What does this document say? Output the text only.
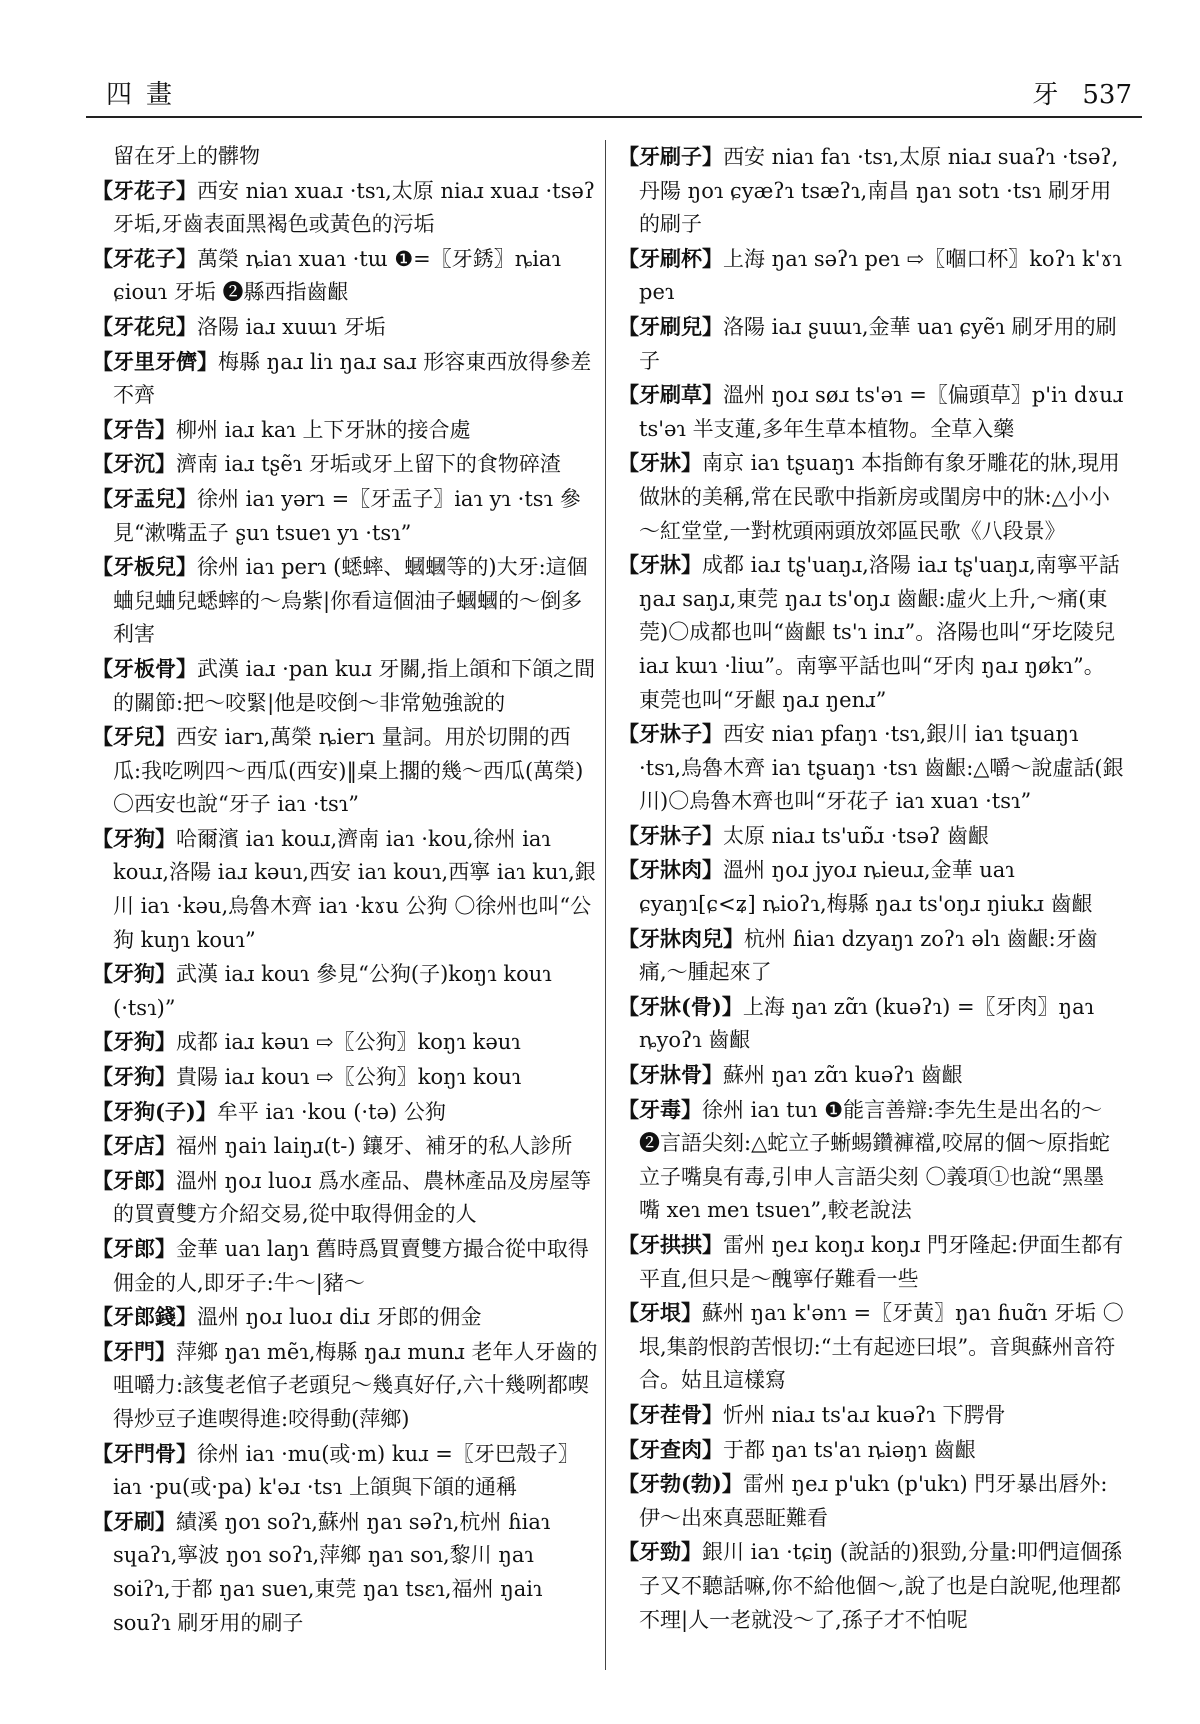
四畫	牙 537

留在牙上的髒物

【牙花子】西安 niaɿ xuaɹ ·tsɿ,太原 niaɹ xuaɹ ·tsəʔ 牙垢,牙齒表面黑褐色或黃色的污垢

【牙花子】萬榮 ȵiaɿ xuaɿ ·tɯ ❶=〖牙銹〗ȵiaɿ ɕiouɿ 牙垢 ❷縣西指齒齦

【牙花兒】洛陽 iaɹ xuɯɿ 牙垢

【牙里牙儕】梅縣 ŋaɹ liɿ ŋaɹ saɹ 形容東西放得參差不齊

【牙告】柳州 iaɹ kaɿ 上下牙牀的接合處

【牙沉】濟南 iaɹ tʂẽɿ 牙垢或牙上留下的食物碎渣

【牙盂兒】徐州 iaɿ yərɿ =〖牙盂子〗iaɿ yɿ ·tsɿ 參見“漱嘴盂子 ʂuɿ tsueɿ yɿ ·tsɿ”

【牙板兒】徐州 iaɿ perɿ (蟋蟀、蟈蟈等的)大牙:這個蛐兒蛐兒蟋蟀的～烏紫|你看這個油子蟈蟈的～倒多利害

【牙板骨】武漢 iaɹ ·pan kuɹ 牙關,指上頜和下頜之間的關節:把～咬緊|他是咬倒～非常勉強說的

【牙兒】西安 iarɿ,萬榮 ȵierɿ 量詞。用於切開的西瓜:我吃咧四～西瓜(西安)‖桌上擱的幾～西瓜(萬榮)〇西安也說“牙子 iaɿ ·tsɿ”

【牙狗】哈爾濱 iaɿ kouɹ,濟南 iaɿ ·kou,徐州 iaɿ kouɹ,洛陽 iaɹ kəuɿ,西安 iaɿ kouɿ,西寧 iaɿ kuɿ,銀川 iaɿ ·kəu,烏魯木齊 iaɿ ·kɤu 公狗 〇徐州也叫“公狗 kuŋɿ kouɿ”

【牙狗】武漢 iaɹ kouɿ 參見“公狗(子)koŋɿ kouɿ (·tsɿ)”

【牙狗】成都 iaɹ kəuɿ ⇨〖公狗〗koŋɿ kəuɿ

【牙狗】貴陽 iaɹ kouɿ ⇨〖公狗〗koŋɿ kouɿ

【牙狗(子)】牟平 iaɿ ·kou (·tə) 公狗

【牙店】福州 ŋaiɿ laiŋɹ(t-) 鑲牙、補牙的私人診所

【牙郎】溫州 ŋoɹ luoɹ 爲水產品、農林產品及房屋等的買賣雙方介紹交易,從中取得佣金的人

【牙郎】金華 uaɿ laŋɿ 舊時爲買賣雙方撮合從中取得佣金的人,即牙子:牛～|豬～

【牙郎錢】溫州 ŋoɹ luoɹ diɹ 牙郎的佣金

【牙門】萍鄉 ŋaɿ mẽɿ,梅縣 ŋaɹ munɹ 老年人牙齒的咀嚼力:該隻老倌子老頭兒～幾真好仔,六十幾咧都喫得炒豆子進喫得進:咬得動(萍鄉)

【牙門骨】徐州 iaɿ ·mu(或·m) kuɹ =〖牙巴殼子〗iaɿ ·pu(或·pa) k'əɹ ·tsɿ 上頜與下頜的通稱

【牙刷】績溪 ŋoɿ soʔɿ,蘇州 ŋaɿ səʔɿ,杭州 ɦiaɿ sɥaʔɿ,寧波 ŋoɿ soʔɿ,萍鄉 ŋaɿ soɿ,黎川 ŋaɿ soiʔɿ,于都 ŋaɿ sueɿ,東莞 ŋaɿ tsɛɿ,福州 ŋaiɿ souʔɿ 刷牙用的刷子

【牙刷子】西安 niaɿ faɿ ·tsɿ,太原 niaɹ suaʔɿ ·tsəʔ,丹陽 ŋoɿ ɕyæʔɿ tsæʔɿ,南昌 ŋaɿ sotɿ ·tsɿ 刷牙用的刷子

【牙刷杯】上海 ŋaɿ səʔɿ peɿ ⇨〖嗰口杯〗koʔɿ k'ɤɿ peɿ

【牙刷兒】洛陽 iaɹ ʂuɯɿ,金華 uaɿ ɕyẽɿ 刷牙用的刷子

【牙刷草】溫州 ŋoɹ søɹ ts'əɿ =〖偏頭草〗p'iɿ dɤuɹ ts'əɿ 半支蓮,多年生草本植物。全草入藥

【牙牀】南京 iaɿ tʂuaŋɿ 本指飾有象牙雕花的牀,現用做牀的美稱,常在民歌中指新房或閨房中的牀:△小小～紅堂堂,一對枕頭兩頭放郊區民歌《八段景》

【牙牀】成都 iaɹ tʂ'uaŋɹ,洛陽 iaɹ tʂ'uaŋɹ,南寧平話 ŋaɹ saŋɹ,東莞 ŋaɹ ts'oŋɹ 齒齦:虛火上升,～痛(東莞)〇成都也叫“齒齦 ts'ɿ inɹ”。洛陽也叫“牙圪陵兒 iaɹ kɯɿ ·liɯ”。南寧平話也叫“牙肉 ŋaɹ ŋøkɿ”。東莞也叫“牙齦 ŋaɹ ŋenɹ”

【牙牀子】西安 niaɿ pfaŋɿ ·tsɿ,銀川 iaɿ tʂuaŋɿ ·tsɿ,烏魯木齊 iaɿ tʂuaŋɿ ·tsɿ 齒齦:△嚼～說虛話(銀川)〇烏魯木齊也叫“牙花子 iaɿ xuaɿ ·tsɿ”

【牙牀子】太原 niaɹ ts'uɒ̃ɹ ·tsəʔ 齒齦

【牙牀肉】溫州 ŋoɹ jyoɹ ȵieuɹ,金華 uaɿ ɕyaŋɿ[ɕ<ʑ] ȵioʔɿ,梅縣 ŋaɹ ts'oŋɹ ŋiukɹ 齒齦

【牙牀肉兒】杭州 ɦiaɿ dzyaŋɿ zoʔɿ əlɿ 齒齦:牙齒痛,～腫起來了

【牙牀(骨)】上海 ŋaɿ zɑ̃ɿ (kuəʔɿ) =〖牙肉〗ŋaɿ ȵyoʔɿ 齒齦

【牙牀骨】蘇州 ŋaɿ zɑ̃ɿ kuəʔɿ 齒齦

【牙毒】徐州 iaɿ tuɿ ❶能言善辯:李先生是出名的～ ❷言語尖刻:△蛇立子蜥蜴鑽褲襠,咬屌的個～原指蛇立子嘴臭有毒,引申人言語尖刻 〇義項①也說“黑墨嘴 xeɿ meɿ tsueɿ”,較老說法

【牙拱拱】雷州 ŋeɹ koŋɹ koŋɹ 門牙隆起:伊面生都有平直,但只是～醜寧仔難看一些

【牙垠】蘇州 ŋaɿ k'ənɿ =〖牙黃〗ŋaɿ ɦuɑ̃ɿ 牙垢 〇垠,集韵恨韵苦恨切:“土有起迹曰垠”。音與蘇州音符合。姑且這樣寫

【牙茬骨】忻州 niaɹ ts'aɹ kuəʔɿ 下腭骨

【牙查肉】于都 ŋaɿ ts'aɿ ȵiəŋɿ 齒齦

【牙勃(勃)】雷州 ŋeɹ p'ukɿ (p'ukɿ) 門牙暴出唇外:伊～出來真惡眐難看

【牙勁】銀川 iaɿ ·tɕiŋ (說話的)狠勁,分量:叩們這個孫子又不聽話嘛,你不給他個～,說了也是白說呢,他理都不理|人一老就没～了,孫子才不怕呢
